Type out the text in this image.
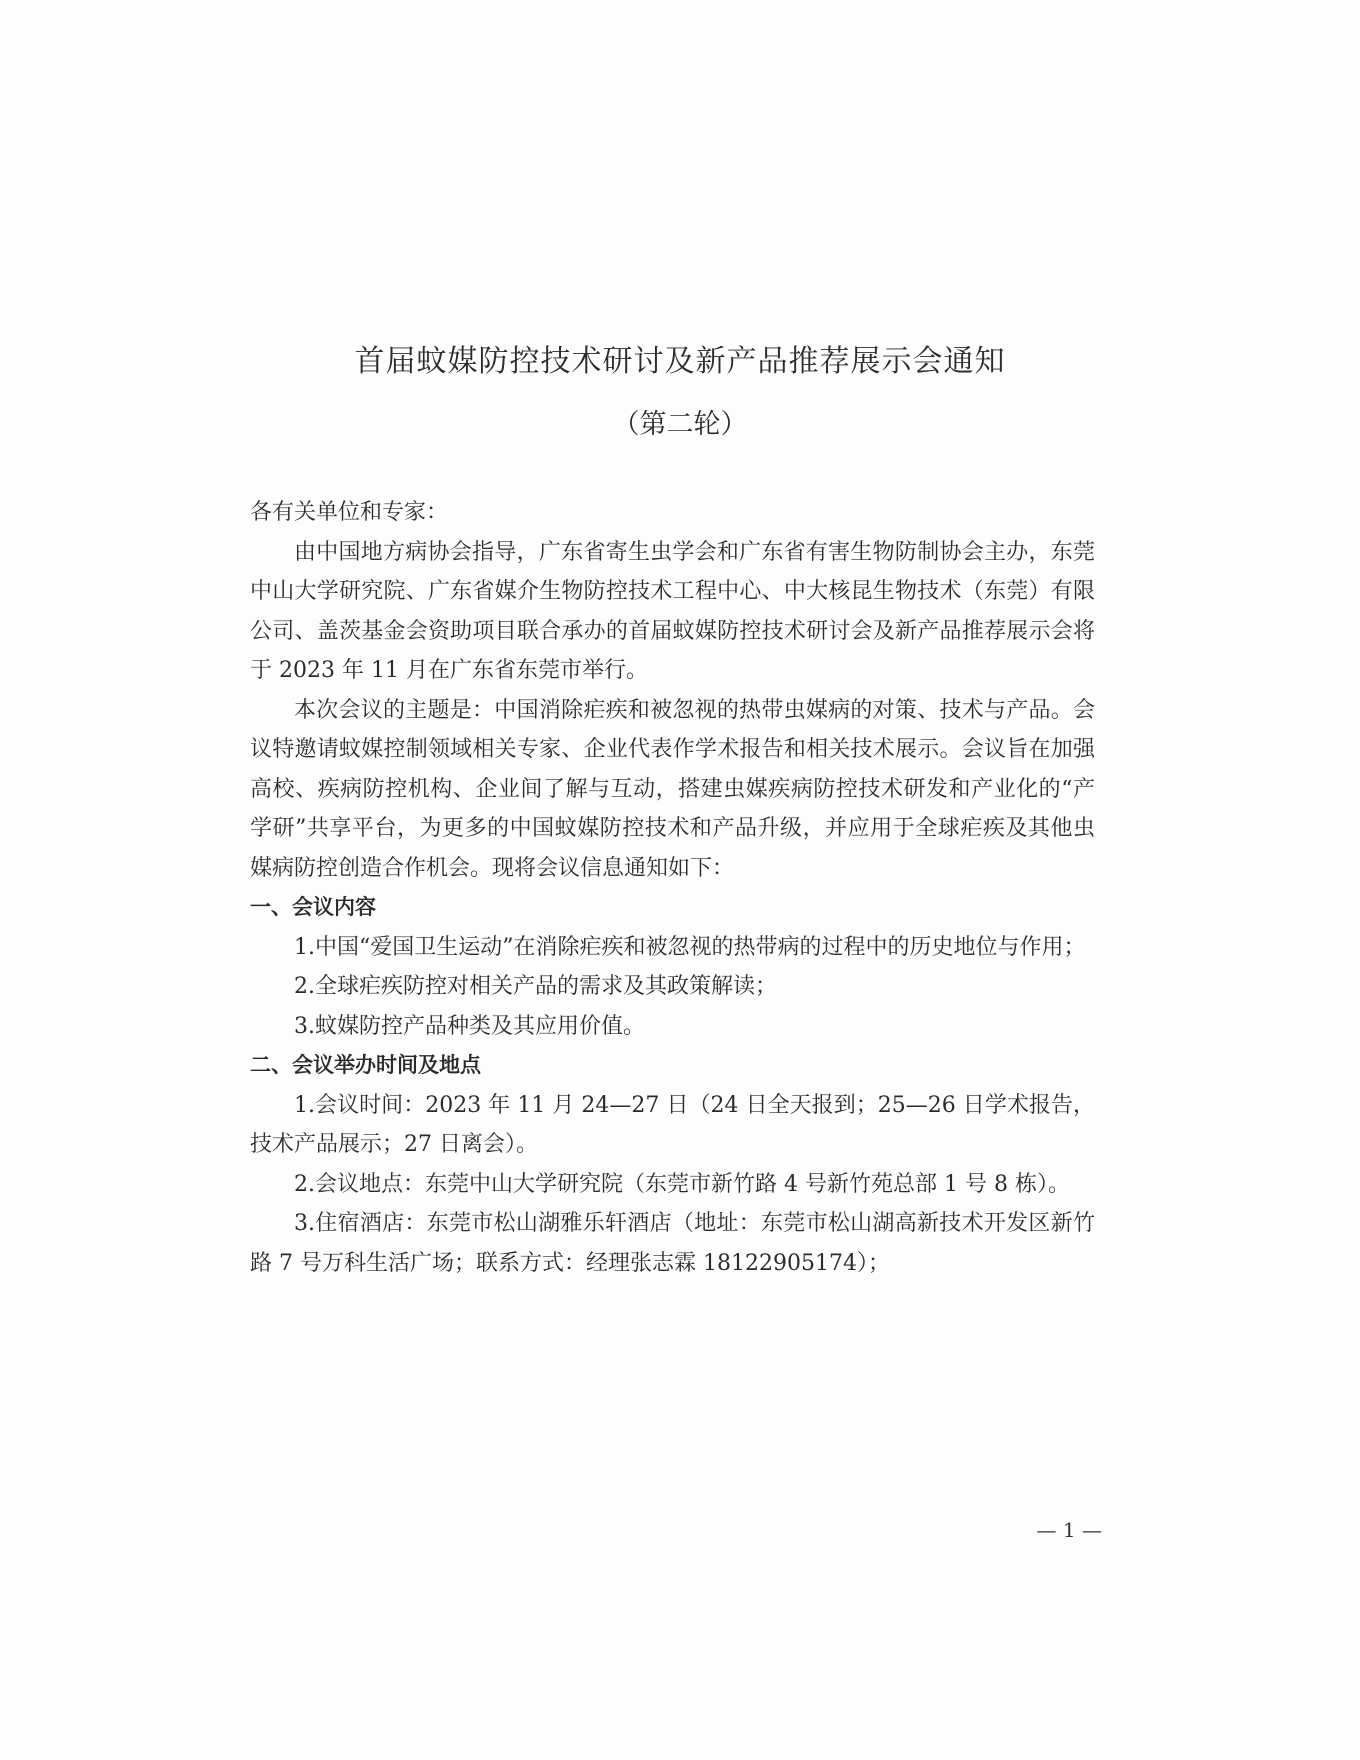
首届蚊媒防控技术研讨及新产品推荐展示会通知
（第二轮）

各有关单位和专家：

由中国地方病协会指导，广东省寄生虫学会和广东省有害生物防制协会主办，东莞中山大学研究院、广东省媒介生物防控技术工程中心、中大核昆生物技术（东莞）有限公司、盖茨基金会资助项目联合承办的首届蚊媒防控技术研讨会及新产品推荐展示会将于 2023 年 11 月在广东省东莞市举行。

本次会议的主题是：中国消除疟疾和被忽视的热带虫媒病的对策、技术与产品。会议特邀请蚊媒控制领域相关专家、企业代表作学术报告和相关技术展示。会议旨在加强高校、疾病防控机构、企业间了解与互动，搭建虫媒疾病防控技术研发和产业化的“产学研”共享平台，为更多的中国蚊媒防控技术和产品升级，并应用于全球疟疾及其他虫媒病防控创造合作机会。现将会议信息通知如下：

一、会议内容

1.中国“爱国卫生运动”在消除疟疾和被忽视的热带病的过程中的历史地位与作用；

2.全球疟疾防控对相关产品的需求及其政策解读；

3.蚊媒防控产品种类及其应用价值。

二、会议举办时间及地点

1.会议时间：2023 年 11 月 24—27 日（24 日全天报到；25—26 日学术报告，技术产品展示；27 日离会）。

2.会议地点：东莞中山大学研究院（东莞市新竹路 4 号新竹苑总部 1 号 8 栋）。

3.住宿酒店：东莞市松山湖雅乐轩酒店（地址：东莞市松山湖高新技术开发区新竹路 7 号万科生活广场；联系方式：经理张志霖 18122905174）；

— 1 —
